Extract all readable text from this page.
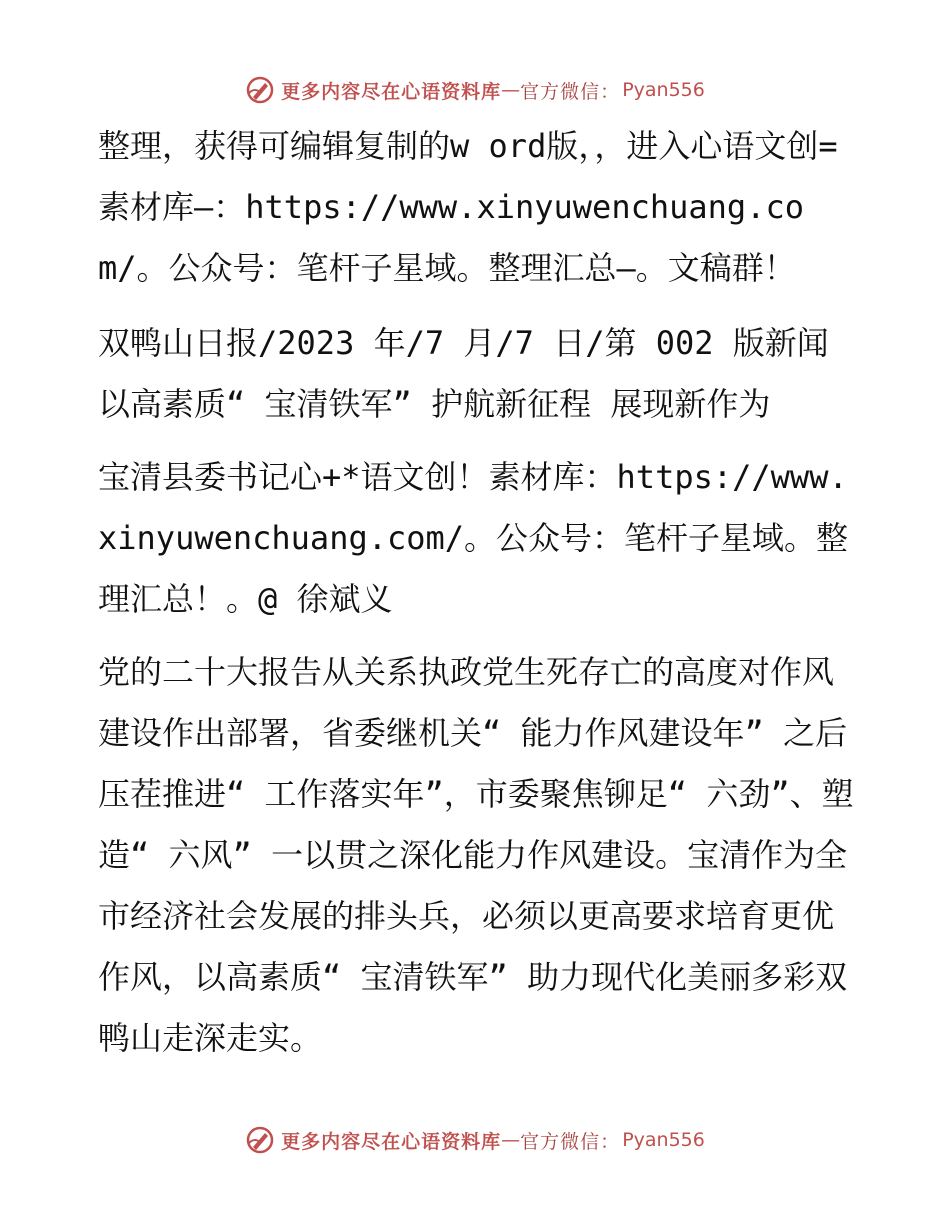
更多内容尽在心语资料库 — 官方微信： Pyan556

整理，获得可编辑复制的w ord版，，进入心语文创=素材库—：https://www.xinyuwenchuang.com/。公众号：笔杆子星域。整理汇总—。文稿群！

双鸭山日报/2023 年/7 月/7 日/第 002 版新闻

以高素质“ 宝清铁军” 护航新征程 展现新作为

宝清县委书记心+*语文创！素材库：https://www.xinyuwenchuang.com/。公众号：笔杆子星域。整理汇总！。@ 徐斌义

党的二十大报告从关系执政党生死存亡的高度对作风建设作出部署，省委继机关“ 能力作风建设年” 之后压茬推进“ 工作落实年”，市委聚焦铆足“ 六劲”、塑造“ 六风” 一以贯之深化能力作风建设。宝清作为全市经济社会发展的排头兵，必须以更高要求培育更优作风，以高素质“ 宝清铁军” 助力现代化美丽多彩双鸭山走深走实。

更多内容尽在心语资料库 — 官方微信： Pyan556
